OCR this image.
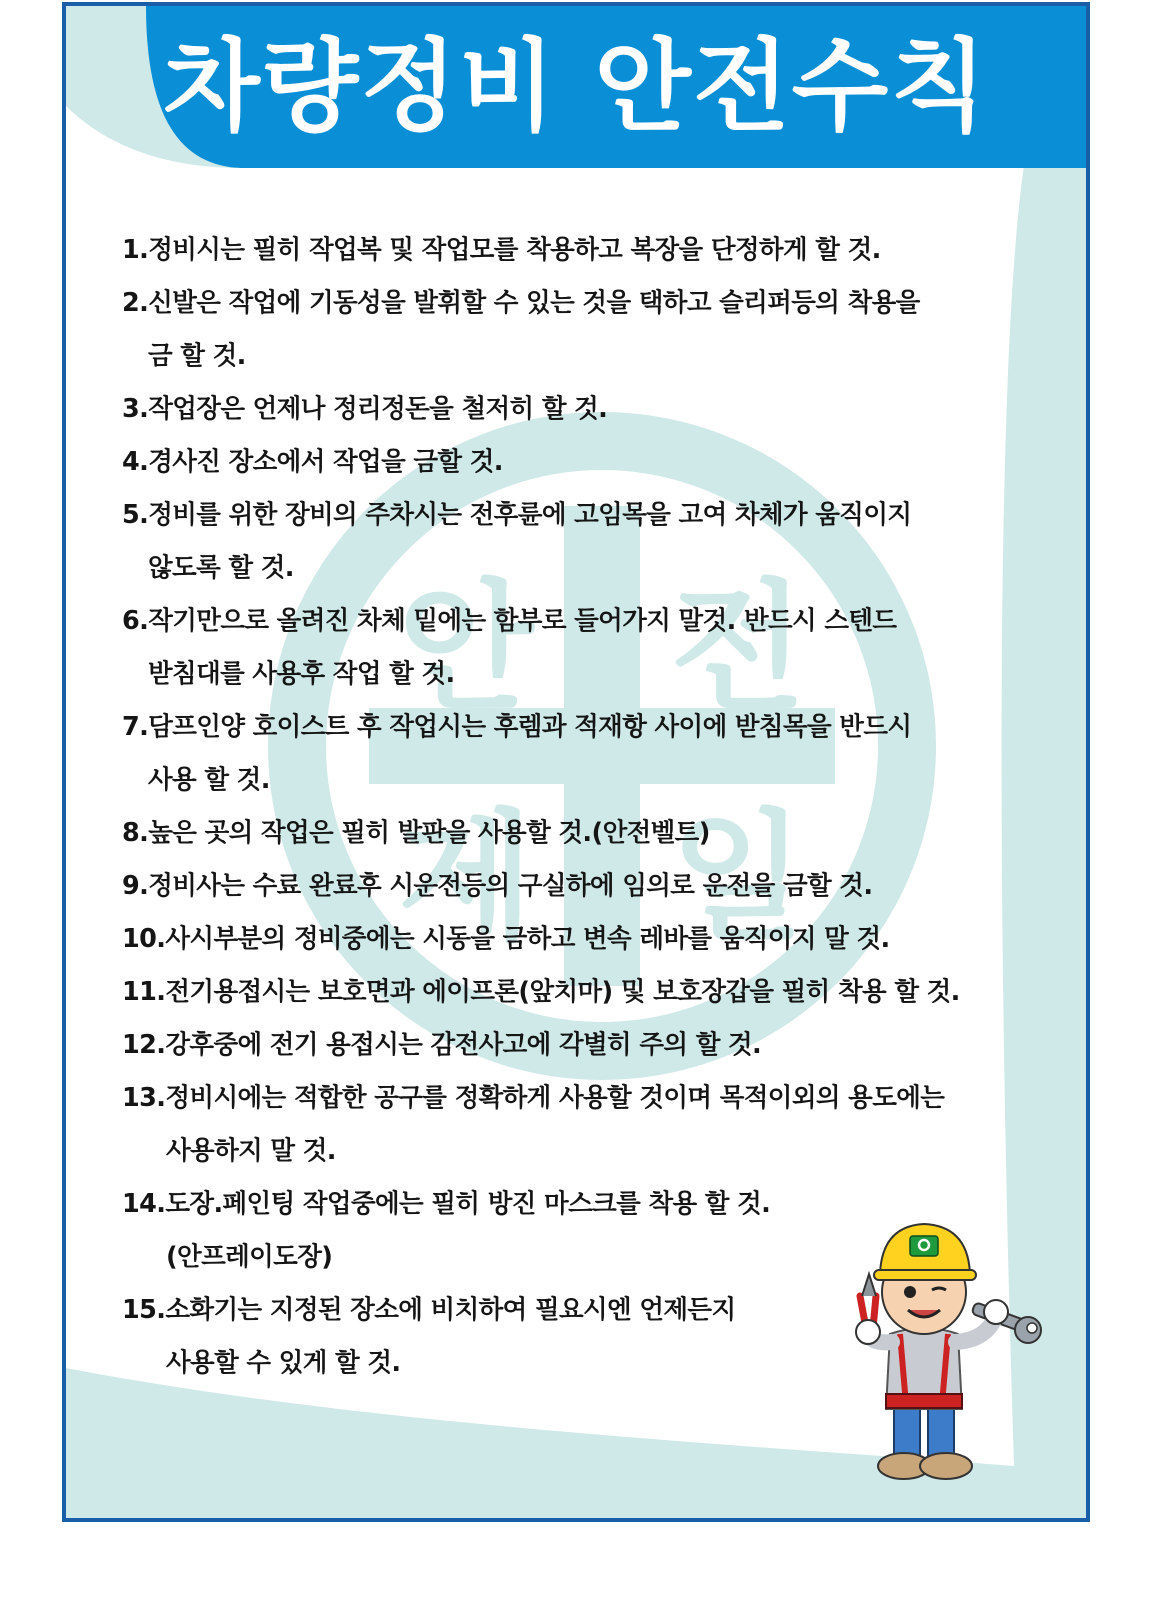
안 전
제 일
차량정비 안전수칙
1.정비시는 필히 작업복 및 작업모를 착용하고 복장을 단정하게 할 것.
2.신발은 작업에 기동성을 발휘할 수 있는 것을 택하고 슬리퍼등의 착용을
금 할 것.
3.작업장은 언제나 정리정돈을 철저히 할 것.
4.경사진 장소에서 작업을 금할 것.
5.정비를 위한 장비의 주차시는 전후륜에 고임목을 고여 차체가 움직이지
않도록 할 것.
6.작기만으로 올려진 차체 밑에는 함부로 들어가지 말것. 반드시 스텐드
받침대를 사용후 작업 할 것.
7.담프인양 호이스트 후 작업시는 후렘과 적재항 사이에 받침목을 반드시
사용 할 것.
8.높은 곳의 작업은 필히 발판을 사용할 것.(안전벨트)
9.정비사는 수료 완료후 시운전등의 구실하에 임의로 운전을 금할 것.
10.사시부분의 정비중에는 시동을 금하고 변속 레바를 움직이지 말 것.
11.전기용접시는 보호면과 에이프론(앞치마) 및 보호장갑을 필히 착용 할 것.
12.강후중에 전기 용접시는 감전사고에 각별히 주의 할 것.
13.정비시에는 적합한 공구를 정확하게 사용할 것이며 목적이외의 용도에는
사용하지 말 것.
14.도장.페인팅 작업중에는 필히 방진 마스크를 착용 할 것.
(안프레이도장)
15.소화기는 지정된 장소에 비치하여 필요시엔 언제든지
사용할 수 있게 할 것.
